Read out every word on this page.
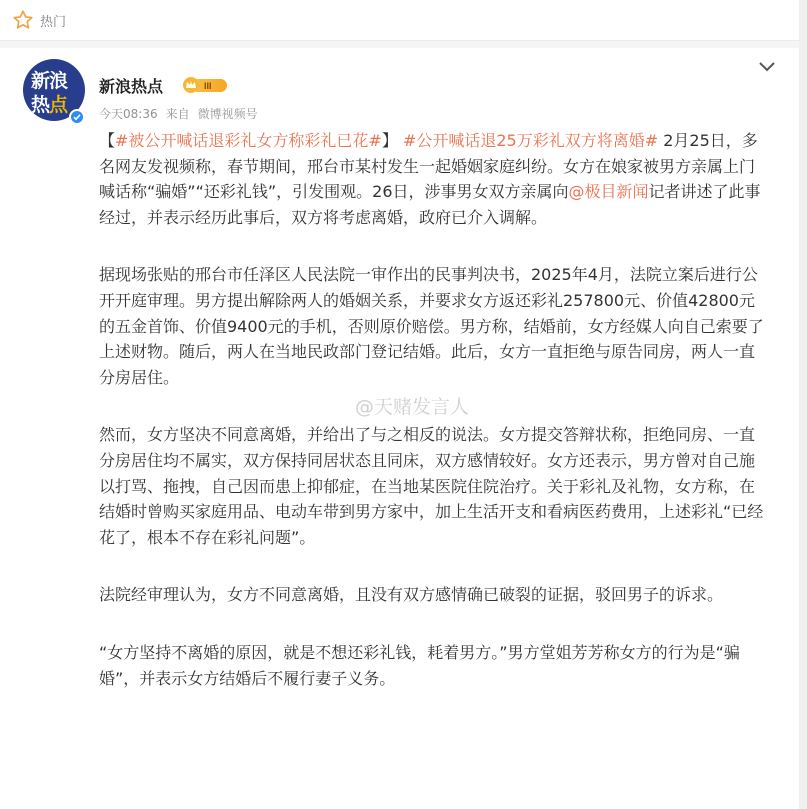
热门
新浪
热点
新浪热点	III
今天08:36 来自 微博视频号

【#被公开喊话退彩礼女方称彩礼已花#】 #公开喊话退25万彩礼双方将离婚# 2月25日，多名网友发视频称，春节期间，邢台市某村发生一起婚姻家庭纠纷。女方在娘家被男方亲属上门喊话称“骗婚”“还彩礼钱”，引发围观。26日，涉事男女双方亲属向@极目新闻记者讲述了此事经过，并表示经历此事后，双方将考虑离婚，政府已介入调解。

据现场张贴的邢台市任泽区人民法院一审作出的民事判决书，2025年4月，法院立案后进行公开开庭审理。男方提出解除两人的婚姻关系，并要求女方返还彩礼257800元、价值42800元的五金首饰、价值9400元的手机，否则原价赔偿。男方称，结婚前，女方经媒人向自己索要了上述财物。随后，两人在当地民政部门登记结婚。此后，女方一直拒绝与原告同房，两人一直分房居住。

然而，女方坚决不同意离婚，并给出了与之相反的说法。女方提交答辩状称，拒绝同房、一直分房居住均不属实，双方保持同居状态且同床，双方感情较好。女方还表示，男方曾对自己施以打骂、拖拽，自己因而患上抑郁症，在当地某医院住院治疗。关于彩礼及礼物，女方称，在结婚时曾购买家庭用品、电动车带到男方家中，加上生活开支和看病医药费用，上述彩礼“已经花了，根本不存在彩礼问题”。

法院经审理认为，女方不同意离婚，且没有双方感情确已破裂的证据，驳回男子的诉求。

“女方坚持不离婚的原因，就是不想还彩礼钱，耗着男方。”男方堂姐芳芳称女方的行为是“骗婚”，并表示女方结婚后不履行妻子义务。

@天赌发言人
